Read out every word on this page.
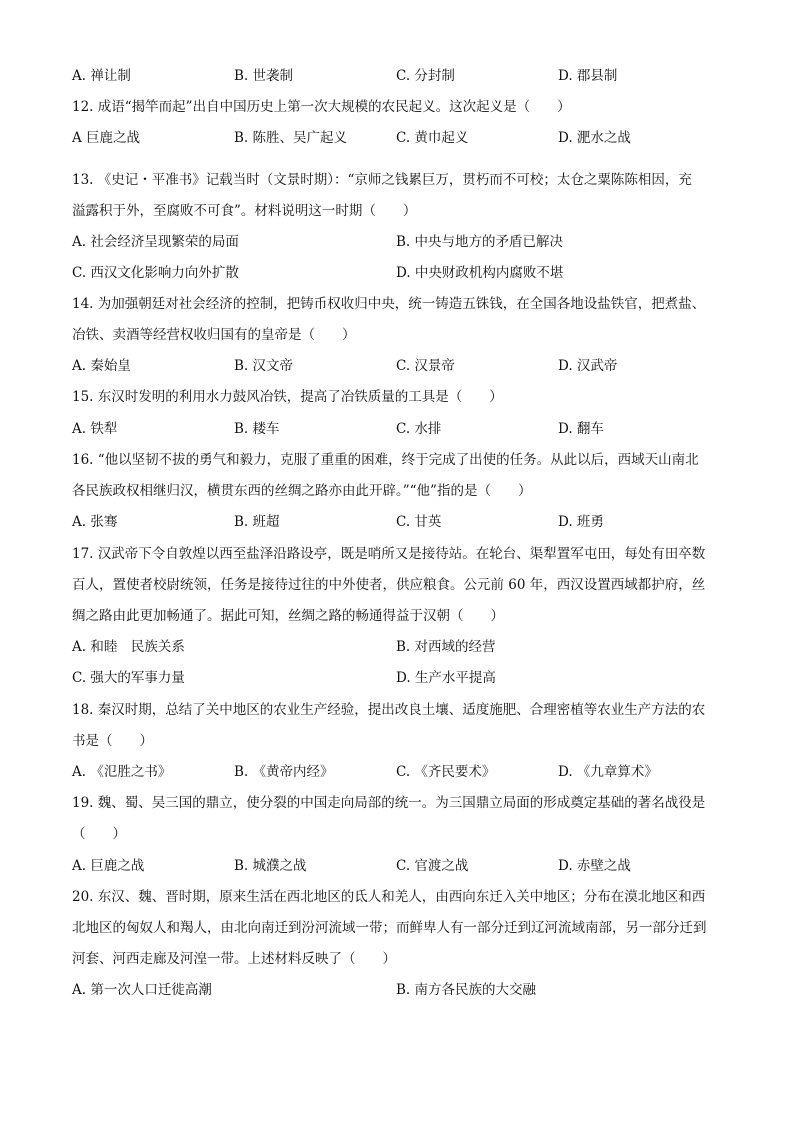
A. 禅让制	B. 世袭制	C. 分封制	D. 郡县制
12. 成语“揭竿而起”出自中国历史上第一次大规模的农民起义。这次起义是（　　）
A 巨鹿之战	B. 陈胜、吴广起义	C. 黄巾起义	D. 淝水之战
13. 《史记・平准书》记载当时（文景时期）：“京师之钱累巨万，贯朽而不可校；太仓之粟陈陈相因，充
溢露积于外，至腐败不可食”。材料说明这一时期（　　）
A. 社会经济呈现繁荣的局面	B. 中央与地方的矛盾已解决
C. 西汉文化影响力向外扩散	D. 中央财政机构内腐败不堪
14. 为加强朝廷对社会经济的控制，把铸币权收归中央，统一铸造五铢钱，在全国各地设盐铁官，把煮盐、
冶铁、卖酒等经营权收归国有的皇帝是（　　）
A. 秦始皇	B. 汉文帝	C. 汉景帝	D. 汉武帝
15. 东汉时发明的利用水力鼓风冶铁，提高了冶铁质量的工具是（　　）
A. 铁犁	B. 耧车	C. 水排	D. 翻车
16. “他以坚韧不拔的勇气和毅力，克服了重重的困难，终于完成了出使的任务。从此以后，西域天山南北
各民族政权相继归汉，横贯东西的丝绸之路亦由此开辟。”“他”指的是（　　）
A. 张骞	B. 班超	C. 甘英	D. 班勇
17. 汉武帝下令自敦煌以西至盐泽沿路设亭，既是哨所又是接待站。在轮台、渠犁置军屯田，每处有田卒数
百人，置使者校尉统领，任务是接待过往的中外使者，供应粮食。公元前 60 年，西汉设置西域都护府，丝
绸之路由此更加畅通了。据此可知，丝绸之路的畅通得益于汉朝（　　）
A. 和睦　民族关系	B. 对西域的经营
C. 强大的军事力量	D. 生产水平提高
18. 秦汉时期，总结了关中地区的农业生产经验，提出改良土壤、适度施肥、合理密植等农业生产方法的农
书是（　　）
A. 《氾胜之书》	B. 《黄帝内经》	C. 《齐民要术》	D. 《九章算术》
19. 魏、蜀、吴三国的鼎立，使分裂的中国走向局部的统一。为三国鼎立局面的形成奠定基础的著名战役是
（　　）
A. 巨鹿之战	B. 城濮之战	C. 官渡之战	D. 赤壁之战
20. 东汉、魏、晋时期，原来生活在西北地区的氐人和羌人，由西向东迁入关中地区；分布在漠北地区和西
北地区的匈奴人和羯人，由北向南迁到汾河流域一带；而鲜卑人有一部分迁到辽河流域南部，另一部分迁到
河套、河西走廊及河湟一带。上述材料反映了（　　）
A. 第一次人口迁徙高潮	B. 南方各民族的大交融
